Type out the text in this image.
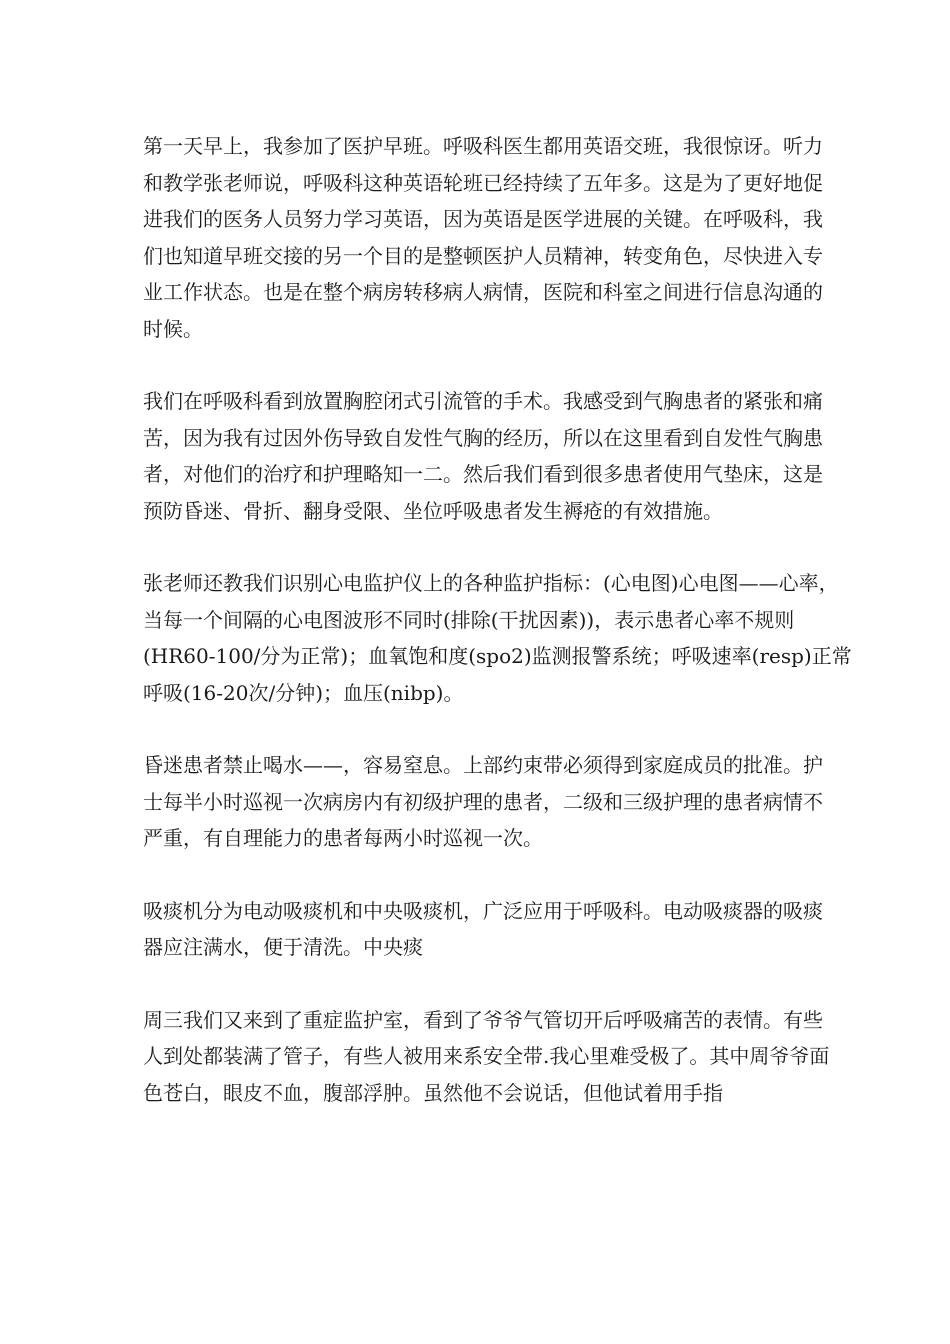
第一天早上，我参加了医护早班。呼吸科医生都用英语交班，我很惊讶。听力
和教学张老师说，呼吸科这种英语轮班已经持续了五年多。这是为了更好地促
进我们的医务人员努力学习英语，因为英语是医学进展的关键。在呼吸科，我
们也知道早班交接的另一个目的是整顿医护人员精神，转变角色，尽快进入专
业工作状态。也是在整个病房转移病人病情，医院和科室之间进行信息沟通的
时候。
我们在呼吸科看到放置胸腔闭式引流管的手术。我感受到气胸患者的紧张和痛
苦，因为我有过因外伤导致自发性气胸的经历，所以在这里看到自发性气胸患
者，对他们的治疗和护理略知一二。然后我们看到很多患者使用气垫床，这是
预防昏迷、骨折、翻身受限、坐位呼吸患者发生褥疮的有效措施。
张老师还教我们识别心电监护仪上的各种监护指标：(心电图)心电图——心率，
当每一个间隔的心电图波形不同时(排除(干扰因素))，表示患者心率不规则
(HR60-100/分为正常)；血氧饱和度(spo2)监测报警系统；呼吸速率(resp)正常
呼吸(16-20次/分钟)；血压(nibp)。
昏迷患者禁止喝水——，容易窒息。上部约束带必须得到家庭成员的批准。护
士每半小时巡视一次病房内有初级护理的患者，二级和三级护理的患者病情不
严重，有自理能力的患者每两小时巡视一次。
吸痰机分为电动吸痰机和中央吸痰机，广泛应用于呼吸科。电动吸痰器的吸痰
器应注满水，便于清洗。中央痰
周三我们又来到了重症监护室，看到了爷爷气管切开后呼吸痛苦的表情。有些
人到处都装满了管子，有些人被用来系安全带.我心里难受极了。其中周爷爷面
色苍白，眼皮不血，腹部浮肿。虽然他不会说话，但他试着用手指
